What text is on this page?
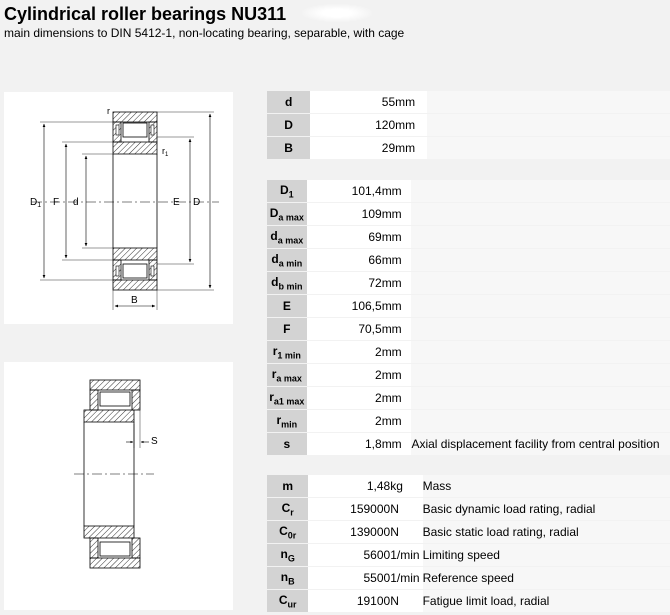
Cylindrical roller bearings NU311
main dimensions to DIN 5412-1, non-locating bearing, separable, with cage
r
$r_1$
$D_1$ F d	E D
B
S
d	55	mm	
D	120	mm	
B	29	mm	
$D_1$	101,4	mm	
$D_{a max}$	109	mm	
$d_{a max}$	69	mm	
$d_{a min}$	66	mm	
$d_{b min}$	72	mm	
E	106,5	mm	
F	70,5	mm	
$r_{1 min}$	2	mm	
$r_{a max}$	2	mm	
$r_{a1 max}$	2	mm	
$r_{min}$	2	mm	
s	1,8	mm	Axial displacement facility from central position
m	1,48	kg	Mass
$C_r$	159000	N	Basic dynamic load rating, radial
$C_{0r}$	139000	N	Basic static load rating, radial
$n_G$	5600	1/min	Limiting speed
$n_B$	5500	1/min	Reference speed
$C_{ur}$	19100	N	Fatigue limit load, radial
